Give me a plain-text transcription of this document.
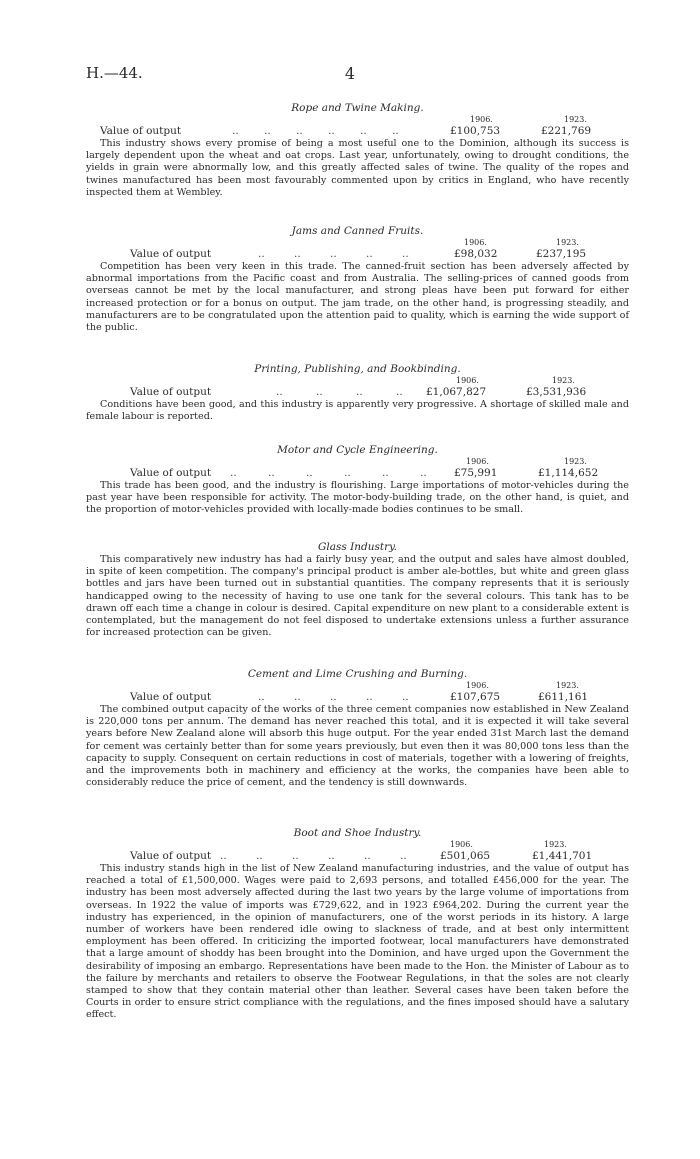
H.—44.	4
Rope and Twine Making.
1906.	1923.
Value of output	.. .. .. .. .. ..	£100,753	£221,769

This industry shows every promise of being a most useful one to the Dominion, although its success is largely dependent upon the wheat and oat crops. Last year, unfortunately, owing to drought conditions, the yields in grain were abnormally low, and this greatly affected sales of twine. The quality of the ropes and twines manufactured has been most favourably commented upon by critics in England, who have recently inspected them at Wembley.

Jams and Canned Fruits.
1906.	1923.
Value of output	.. .. .. .. ..	£98,032	£237,195

Competition has been very keen in this trade. The canned-fruit section has been adversely affected by abnormal importations from the Pacific coast and from Australia. The selling-prices of canned goods from overseas cannot be met by the local manufacturer, and strong pleas have been put forward for either increased protection or for a bonus on output. The jam trade, on the other hand, is progressing steadily, and manufacturers are to be congratulated upon the attention paid to quality, which is earning the wide support of the public.

Printing, Publishing, and Bookbinding.
1906.	1923.
Value of output	.. .. .. .. £1,067,827	£3,531,936

Conditions have been good, and this industry is apparently very progressive. A shortage of skilled male and female labour is reported.

Motor and Cycle Engineering.
1906.	1923.
Value of output .. .. .. .. .. ..	£75,991	£1,114,652

This trade has been good, and the industry is flourishing. Large importations of motor-vehicles during the past year have been responsible for activity. The motor-body-building trade, on the other hand, is quiet, and the proportion of motor-vehicles provided with locally-made bodies continues to be small.

Glass Industry.

This comparatively new industry has had a fairly busy year, and the output and sales have almost doubled, in spite of keen competition. The company's principal product is amber ale-bottles, but white and green glass bottles and jars have been turned out in substantial quantities. The company represents that it is seriously handicapped owing to the necessity of having to use one tank for the several colours. This tank has to be drawn off each time a change in colour is desired. Capital expenditure on new plant to a considerable extent is contemplated, but the management do not feel disposed to undertake extensions unless a further assurance for increased protection can be given.

Cement and Lime Crushing and Burning.
1906.	1923.
Value of output	.. .. .. .. ..	£107,675	£611,161

The combined output capacity of the works of the three cement companies now established in New Zealand is 220,000 tons per annum. The demand has never reached this total, and it is expected it will take several years before New Zealand alone will absorb this huge output. For the year ended 31st March last the demand for cement was certainly better than for some years previously, but even then it was 80,000 tons less than the capacity to supply. Consequent on certain reductions in cost of materials, together with a lowering of freights, and the improvements both in machinery and efficiency at the works, the companies have been able to considerably reduce the price of cement, and the tendency is still downwards.

Boot and Shoe Industry.
1906.	1923.
Value of output .. .. .. .. .. ..	£501,065	£1,441,701

This industry stands high in the list of New Zealand manufacturing industries, and the value of output has reached a total of £1,500,000. Wages were paid to 2,693 persons, and totalled £456,000 for the year. The industry has been most adversely affected during the last two years by the large volume of importations from overseas. In 1922 the value of imports was £729,622, and in 1923 £964,202. During the current year the industry has experienced, in the opinion of manufacturers, one of the worst periods in its history. A large number of workers have been rendered idle owing to slackness of trade, and at best only intermittent employment has been offered. In criticizing the imported footwear, local manufacturers have demonstrated that a large amount of shoddy has been brought into the Dominion, and have urged upon the Government the desirability of imposing an embargo. Representations have been made to the Hon. the Minister of Labour as to the failure by merchants and retailers to observe the Footwear Regulations, in that the soles are not clearly stamped to show that they contain material other than leather. Several cases have been taken before the Courts in order to ensure strict compliance with the regulations, and the fines imposed should have a salutary effect.
